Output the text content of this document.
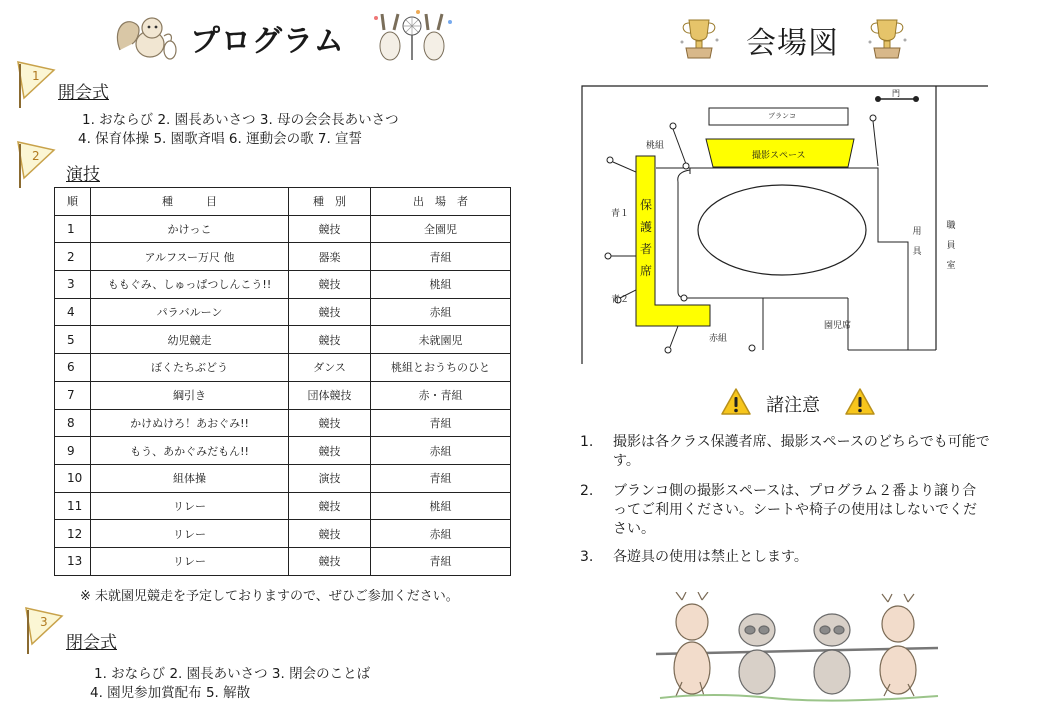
プログラム
1
開会式
1. おならび 2. 園長あいさつ 3. 母の会会長あいさつ
4. 保育体操 5. 園歌斉唱 6. 運動会の歌 7. 宣誓
2
演技
順	種　　　目	種　別	出　場　者
1	かけっこ	競技	全園児
2	アルフスー万尺 他	器楽	青組
3	ももぐみ、しゅっぱつしんこう!!	競技	桃組
4	パラバルーン	競技	赤組
5	幼児競走	競技	未就園児
6	ぼくたちぶどう	ダンス	桃組とおうちのひと
7	綱引き	団体競技	赤・青組
8	かけぬけろ！あおぐみ!!	競技	青組
9	もう、あかぐみだもん!!	競技	赤組
10	組体操	演技	青組
11	リレー	競技	桃組
12	リレー	競技	赤組
13	リレー	競技	青組
※ 未就園児競走を予定しておりますので、ぜひご参加ください。
3
閉会式
1. おならび 2. 園長あいさつ 3. 閉会のことば
4. 園児参加賞配布 5. 解散
会場図
門
ブランコ
撮影スペース
桃組
青１
青２
赤組
園児席
保
護
者
席
用
具
職
員
室
諸注意
1. 撮影は各クラス保護者席、撮影スペースのどちらでも可能です。
2. ブランコ側の撮影スペースは、プログラム２番より譲り合ってご利用ください。シートや椅子の使用はしないでください。
3. 各遊具の使用は禁止とします。
